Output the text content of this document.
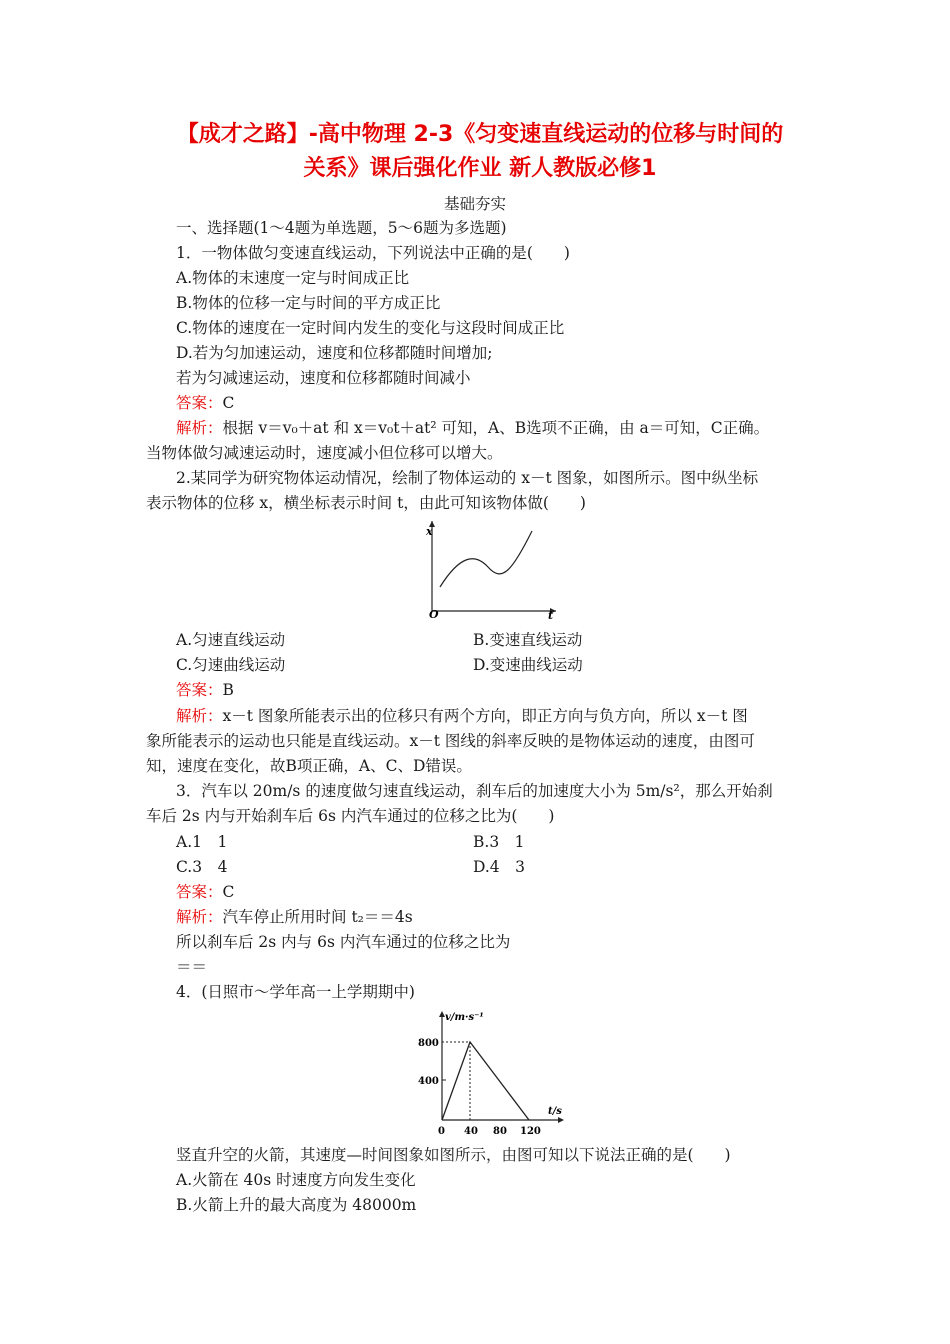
【成才之路】-高中物理 2-3《匀变速直线运动的位移与时间的
关系》课后强化作业 新人教版必修1
基础夯实
一、选择题(1～4题为单选题，5～6题为多选题)
1．一物体做匀变速直线运动，下列说法中正确的是(　　)
A.物体的末速度一定与时间成正比
B.物体的位移一定与时间的平方成正比
C.物体的速度在一定时间内发生的变化与这段时间成正比
D.若为匀加速运动，速度和位移都随时间增加;
若为匀减速运动，速度和位移都随时间减小
答案：C
解析：根据 v＝v₀＋at 和 x＝v₀t＋at² 可知，A、B选项不正确，由 a＝可知，C正确。
当物体做匀减速运动时，速度减小但位移可以增大。
2.某同学为研究物体运动情况，绘制了物体运动的 x－t 图象，如图所示。图中纵坐标
表示物体的位移 x，横坐标表示时间 t，由此可知该物体做(　　)
x
t
O
A.匀速直线运动	B.变速直线运动
C.匀速曲线运动	D.变速曲线运动
答案：B
解析：x－t 图象所能表示出的位移只有两个方向，即正方向与负方向，所以 x－t 图
象所能表示的运动也只能是直线运动。x－t 图线的斜率反映的是物体运动的速度，由图可
知，速度在变化，故B项正确，A、C、D错误。
3．汽车以 20m/s 的速度做匀速直线运动，刹车后的加速度大小为 5m/s²，那么开始刹
车后 2s 内与开始刹车后 6s 内汽车通过的位移之比为(　　)
A.1　1	B.3　1
C.3　4	D.4　3
答案：C
解析：汽车停止所用时间 t₂＝＝4s
所以刹车后 2s 内与 6s 内汽车通过的位移之比为
＝＝
4．(日照市～学年高一上学期期中)
v/m·s⁻¹
t/s
800
400
0 40 80 120
竖直升空的火箭，其速度—时间图象如图所示，由图可知以下说法正确的是(　　)
A.火箭在 40s 时速度方向发生变化
B.火箭上升的最大高度为 48000m
